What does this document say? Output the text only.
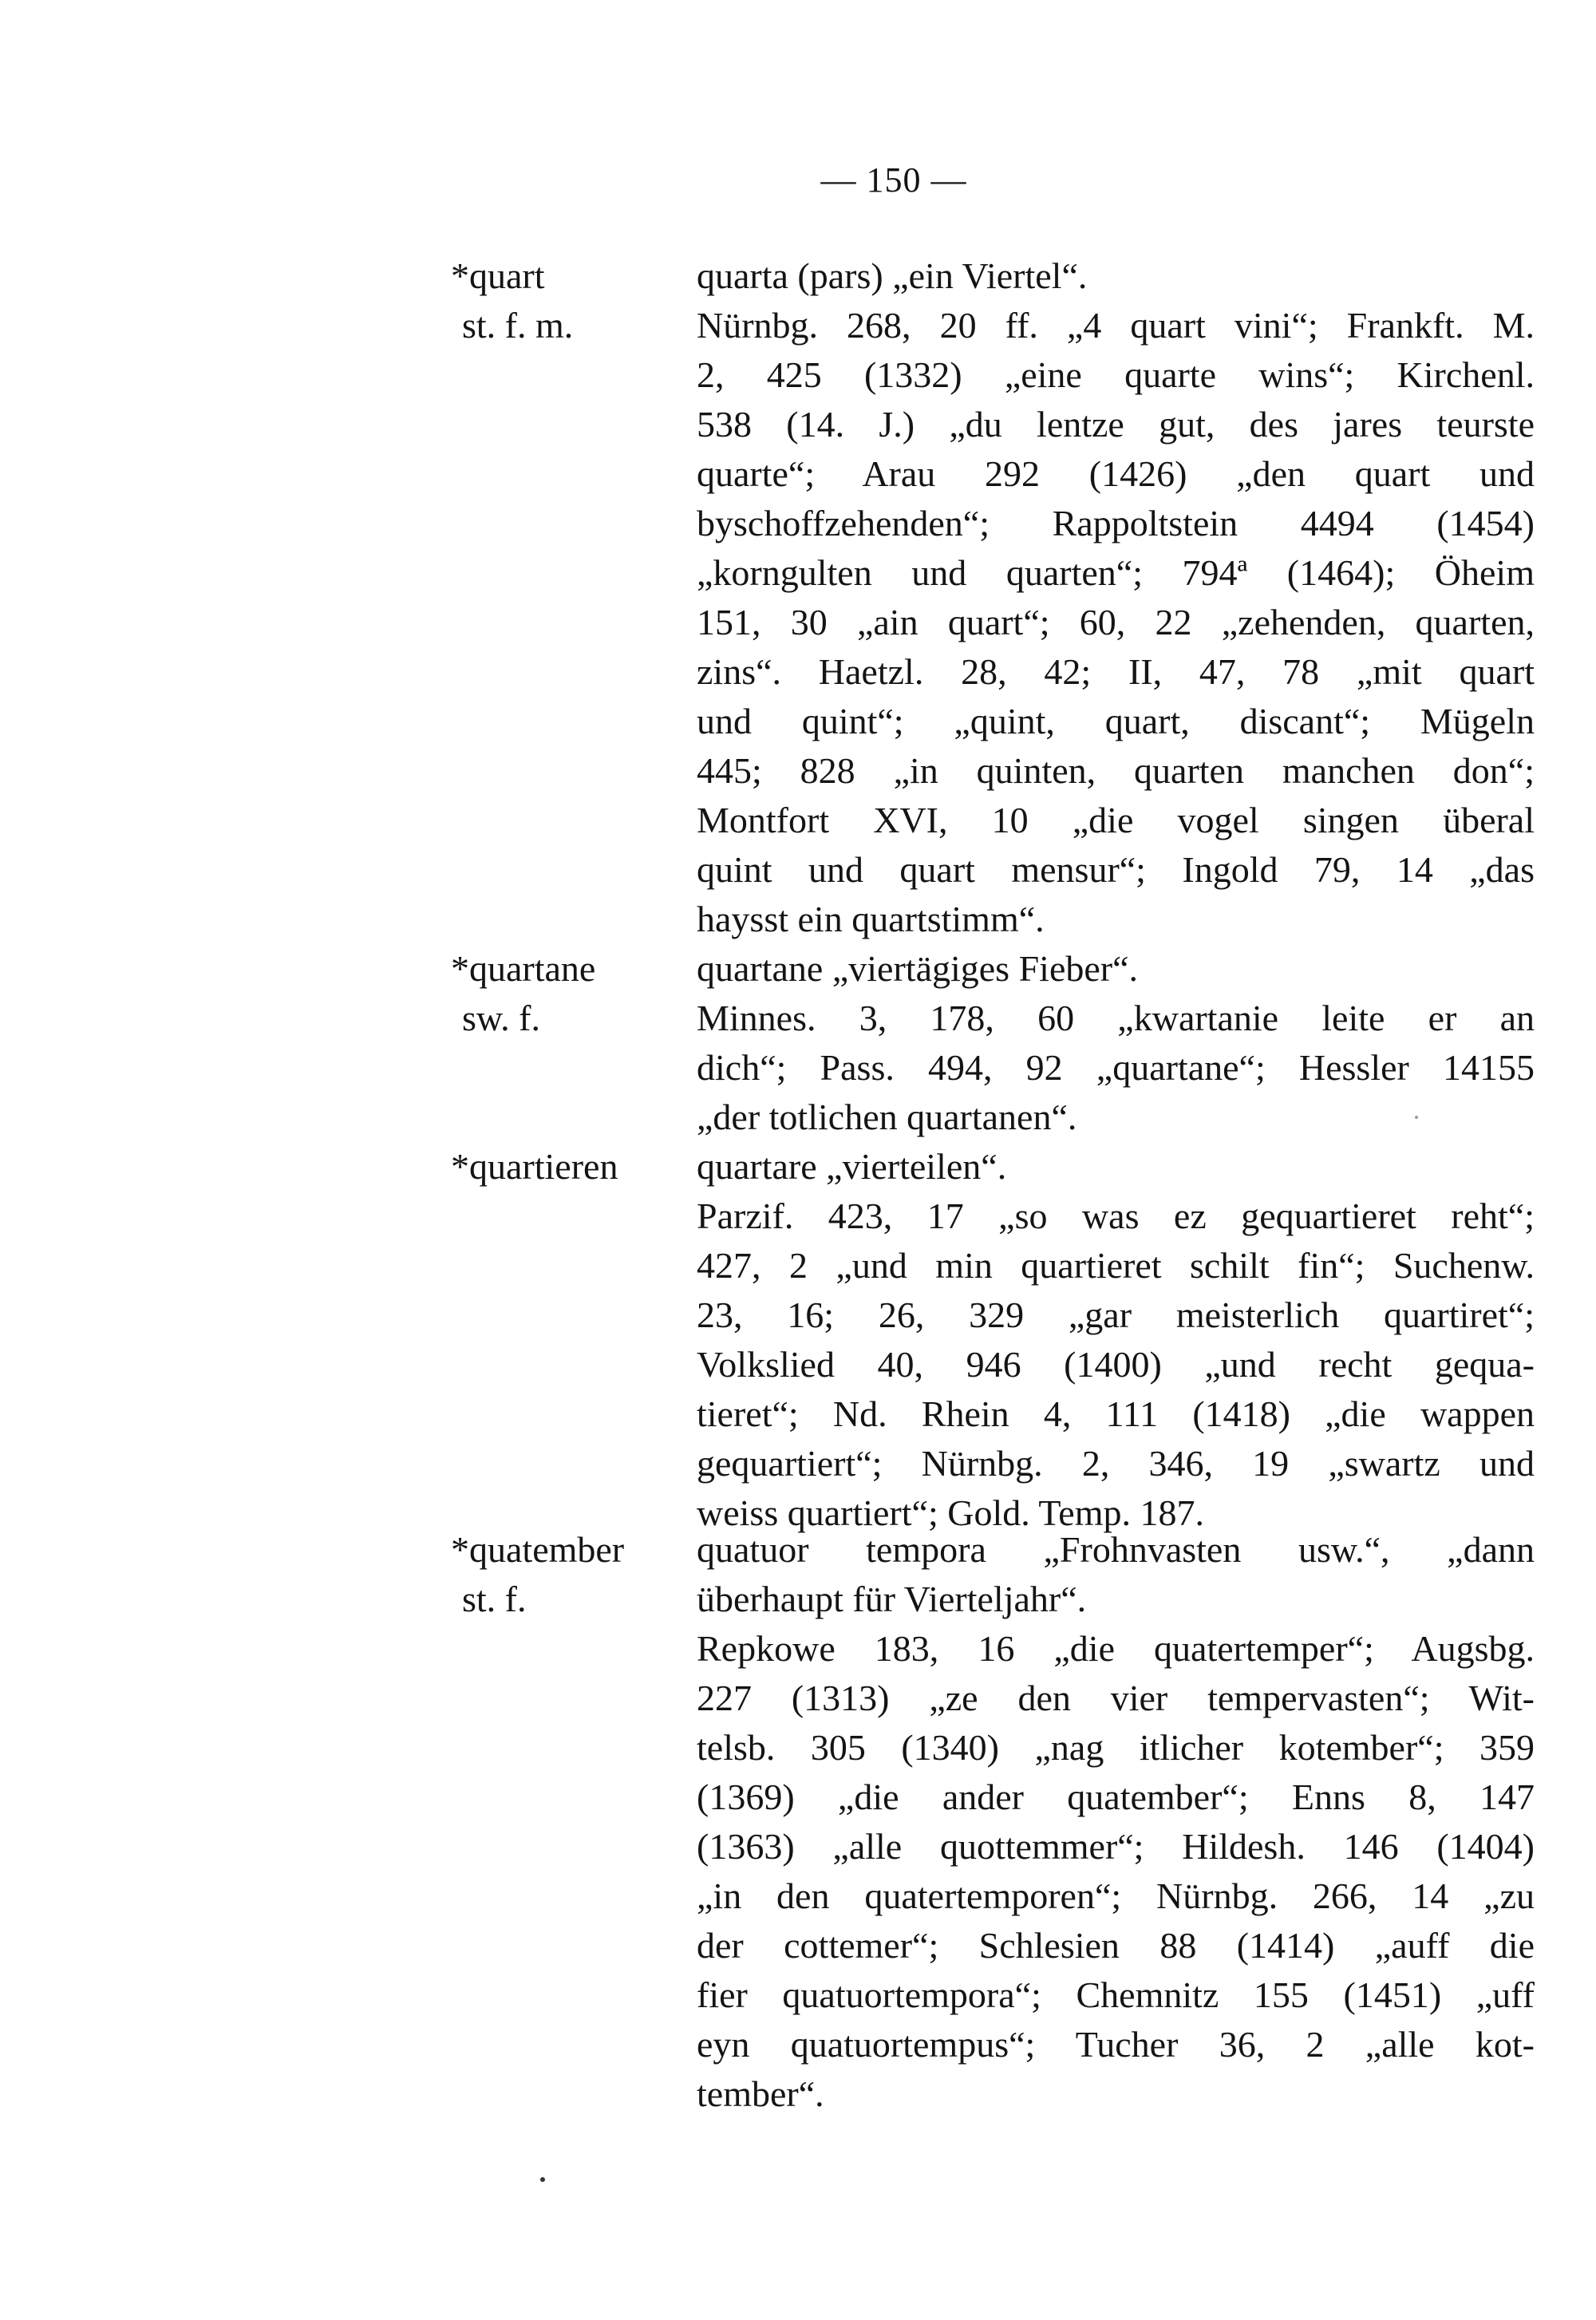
— 150 —
*quart
st. f. m.
quarta (pars) „ein Viertel“.
Nürnbg. 268, 20 ff. „4 quart vini“; Frankft. M.
2, 425 (1332) „eine quarte wins“; Kirchenl.
538 (14. J.) „du lentze gut, des jares teurste
quarte“; Arau 292 (1426) „den quart und
byschoffzehenden“; Rappoltstein 4494 (1454)
„korngulten und quarten“; 794ª (1464); Öheim
151, 30 „ain quart“; 60, 22 „zehenden, quarten,
zins“. Haetzl. 28, 42; II, 47, 78 „mit quart
und quint“; „quint, quart, discant“; Mügeln
445; 828 „in quinten, quarten manchen don“;
Montfort XVI, 10 „die vogel singen überal
quint und quart mensur“; Ingold 79, 14 „das
haysst ein quartstimm“.
*quartane
sw. f.
quartane „viertägiges Fieber“.
Minnes. 3, 178, 60 „kwartanie leite er an
dich“; Pass. 494, 92 „quartane“; Hessler 14155
„der totlichen quartanen“.
*quartieren	quartare „vierteilen“.
Parzif. 423, 17 „so was ez gequartieret reht“;
427, 2 „und min quartieret schilt fin“; Suchenw.
23, 16; 26, 329 „gar meisterlich quartiret“;
Volkslied 40, 946 (1400) „und recht gequa-
tieret“; Nd. Rhein 4, 111 (1418) „die wappen
gequartiert“; Nürnbg. 2, 346, 19 „swartz und
weiss quartiert“; Gold. Temp. 187.
*quatember
st. f.
quatuor tempora „Frohnvasten usw.“, „dann
überhaupt für Vierteljahr“.
Repkowe 183, 16 „die quatertemper“; Augsbg.
227 (1313) „ze den vier tempervasten“; Wit-
telsb. 305 (1340) „nag itlicher kotember“; 359
(1369) „die ander quatember“; Enns 8, 147
(1363) „alle quottemmer“; Hildesh. 146 (1404)
„in den quatertemporen“; Nürnbg. 266, 14 „zu
der cottemer“; Schlesien 88 (1414) „auff die
fier quatuortempora“; Chemnitz 155 (1451) „uff
eyn quatuortempus“; Tucher 36, 2 „alle kot-
tember“.
